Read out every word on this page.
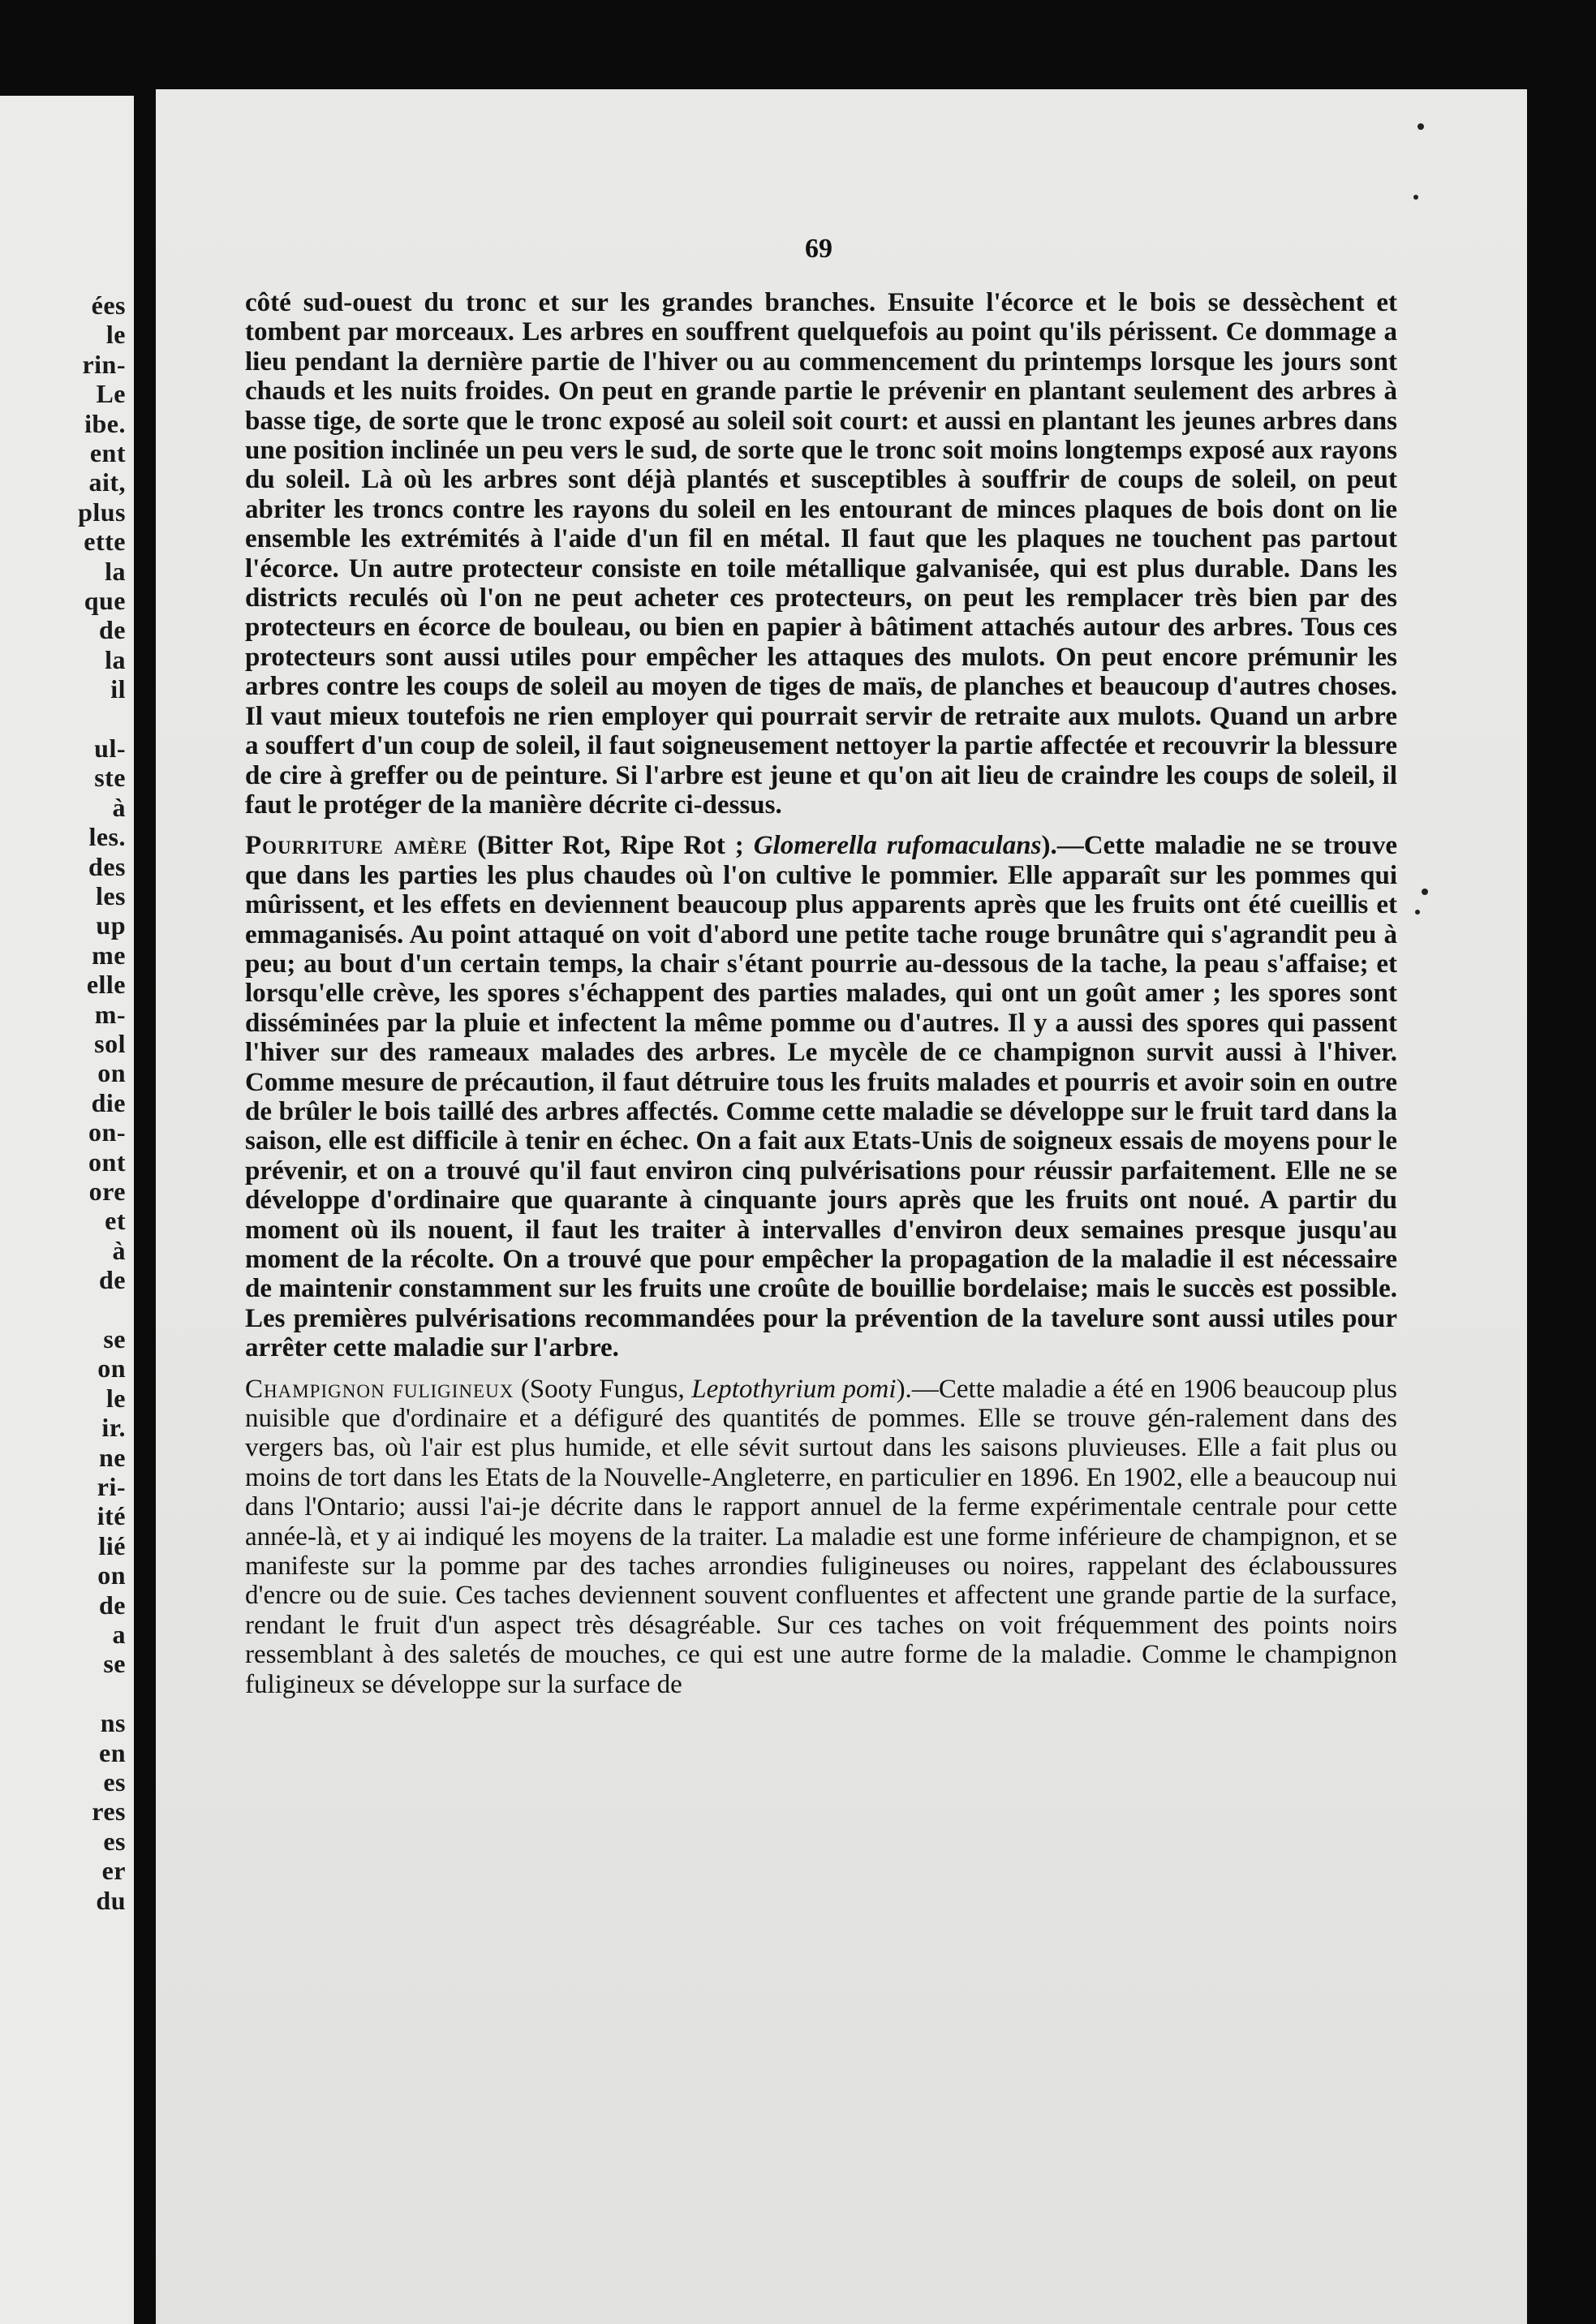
ées
le
rin-
Le
ibe.
ent
ait,
plus
ette
la
que
de
la
il
ul-
ste
à
les.
des
les
up
me
elle
m-
sol
on
die
on-
ont
ore
et
à
de
se
on
le
ir.
ne
ri-
ité
lié
on
de
a
se
ns
en
es
res
es
er
du
69

côté sud-ouest du tronc et sur les grandes branches. Ensuite l'écorce et le bois se dessèchent et tombent par morceaux. Les arbres en souffrent quelquefois au point qu'ils périssent. Ce dommage a lieu pendant la dernière partie de l'hiver ou au commencement du printemps lorsque les jours sont chauds et les nuits froides. On peut en grande partie le prévenir en plantant seulement des arbres à basse tige, de sorte que le tronc exposé au soleil soit court: et aussi en plantant les jeunes arbres dans une position inclinée un peu vers le sud, de sorte que le tronc soit moins longtemps exposé aux rayons du soleil. Là où les arbres sont déjà plantés et susceptibles à souffrir de coups de soleil, on peut abriter les troncs contre les rayons du soleil en les entourant de minces plaques de bois dont on lie ensemble les extrémités à l'aide d'un fil en métal. Il faut que les plaques ne touchent pas partout l'écorce. Un autre protecteur consiste en toile métallique galvanisée, qui est plus durable. Dans les districts reculés où l'on ne peut acheter ces protecteurs, on peut les remplacer très bien par des protecteurs en écorce de bouleau, ou bien en papier à bâtiment attachés autour des arbres. Tous ces protecteurs sont aussi utiles pour empêcher les attaques des mulots. On peut encore prémunir les arbres contre les coups de soleil au moyen de tiges de maïs, de planches et beaucoup d'autres choses. Il vaut mieux toutefois ne rien employer qui pourrait servir de retraite aux mulots. Quand un arbre a souffert d'un coup de soleil, il faut soigneusement nettoyer la partie affectée et recouvrir la blessure de cire à greffer ou de peinture. Si l'arbre est jeune et qu'on ait lieu de craindre les coups de soleil, il faut le protéger de la manière décrite ci-dessus.

Pourriture amère (Bitter Rot, Ripe Rot ; Glomerella rufomaculans).—Cette maladie ne se trouve que dans les parties les plus chaudes où l'on cultive le pommier. Elle apparaît sur les pommes qui mûrissent, et les effets en deviennent beaucoup plus apparents après que les fruits ont été cueillis et emmaganisés. Au point attaqué on voit d'abord une petite tache rouge brunâtre qui s'agrandit peu à peu; au bout d'un certain temps, la chair s'étant pourrie au-dessous de la tache, la peau s'affaise; et lorsqu'elle crève, les spores s'échappent des parties malades, qui ont un goût amer ; les spores sont disséminées par la pluie et infectent la même pomme ou d'autres. Il y a aussi des spores qui passent l'hiver sur des rameaux malades des arbres. Le mycèle de ce champignon survit aussi à l'hiver. Comme mesure de précaution, il faut détruire tous les fruits malades et pourris et avoir soin en outre de brûler le bois taillé des arbres affectés. Comme cette maladie se développe sur le fruit tard dans la saison, elle est difficile à tenir en échec. On a fait aux Etats-Unis de soigneux essais de moyens pour le prévenir, et on a trouvé qu'il faut environ cinq pulvérisations pour réussir parfaitement. Elle ne se développe d'ordinaire que quarante à cinquante jours après que les fruits ont noué. A partir du moment où ils nouent, il faut les traiter à intervalles d'environ deux semaines presque jusqu'au moment de la récolte. On a trouvé que pour empêcher la propagation de la maladie il est nécessaire de maintenir constamment sur les fruits une croûte de bouillie bordelaise; mais le succès est possible. Les premières pulvérisations recommandées pour la prévention de la tavelure sont aussi utiles pour arrêter cette maladie sur l'arbre.

Champignon fuligineux (Sooty Fungus, Leptothyrium pomi).—Cette maladie a été en 1906 beaucoup plus nuisible que d'ordinaire et a défiguré des quantités de pommes. Elle se trouve gén-ralement dans des vergers bas, où l'air est plus humide, et elle sévit surtout dans les saisons pluvieuses. Elle a fait plus ou moins de tort dans les Etats de la Nouvelle-Angleterre, en particulier en 1896. En 1902, elle a beaucoup nui dans l'Ontario; aussi l'ai-je décrite dans le rapport annuel de la ferme expérimentale centrale pour cette année-là, et y ai indiqué les moyens de la traiter. La maladie est une forme inférieure de champignon, et se manifeste sur la pomme par des taches arrondies fuligineuses ou noires, rappelant des éclaboussures d'encre ou de suie. Ces taches deviennent souvent confluentes et affectent une grande partie de la surface, rendant le fruit d'un aspect très désagréable. Sur ces taches on voit fréquemment des points noirs ressemblant à des saletés de mouches, ce qui est une autre forme de la maladie. Comme le champignon fuligineux se développe sur la surface de
